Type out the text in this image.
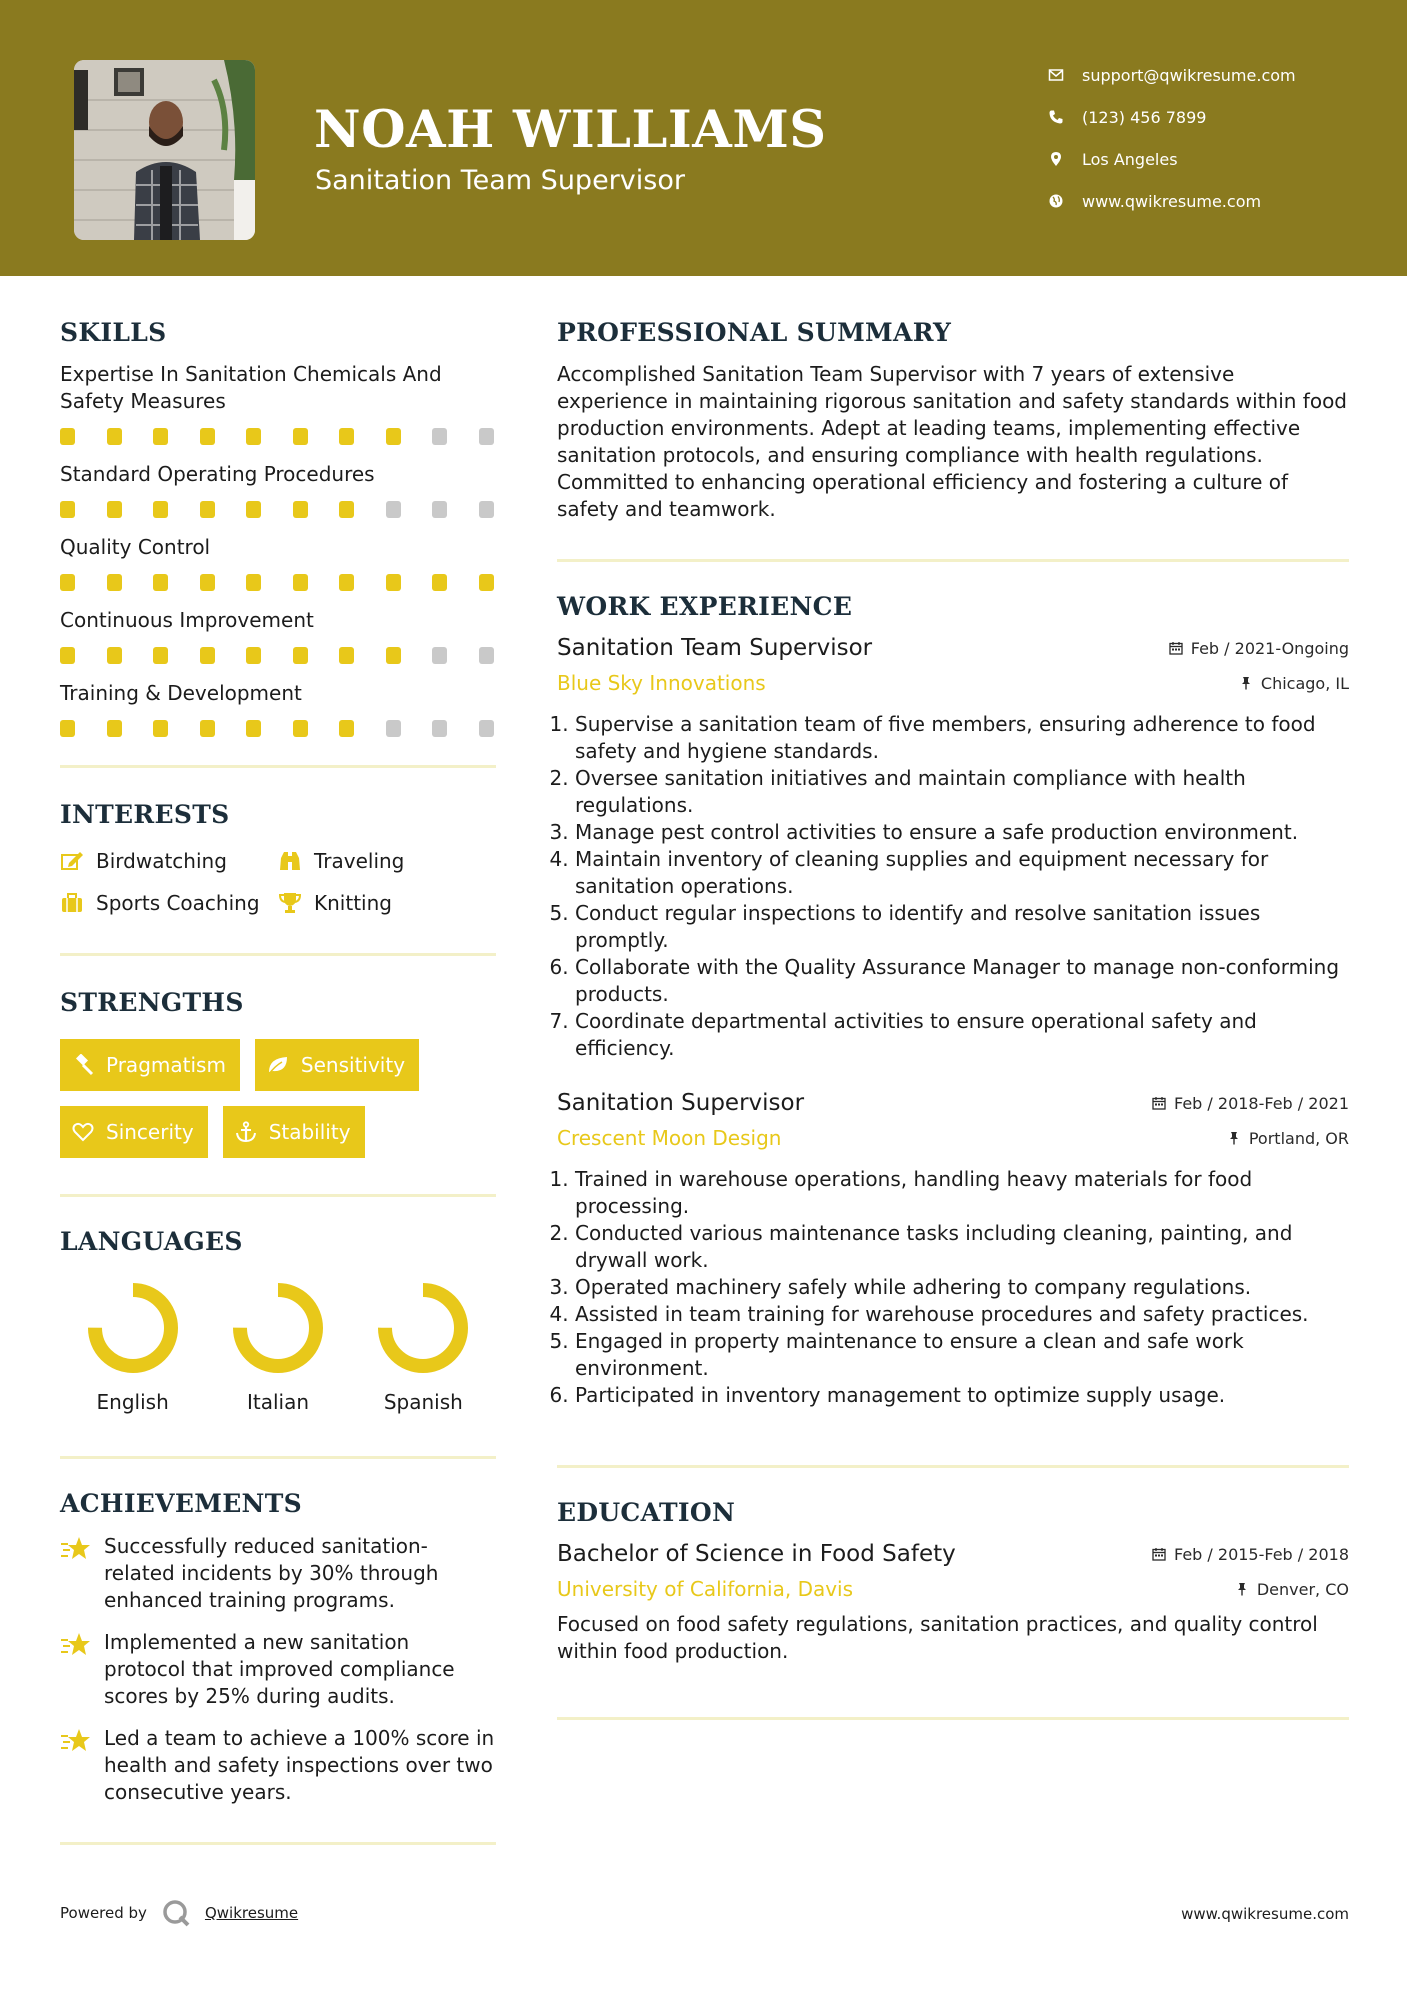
NOAH WILLIAMS
Sanitation Team Supervisor
support@qwikresume.com
(123) 456 7899
Los Angeles
www.qwikresume.com
SKILLS
Expertise In Sanitation Chemicals And Safety Measures
Standard Operating Procedures
Quality Control
Continuous Improvement
Training & Development
INTERESTS
Birdwatching	Traveling
Sports Coaching	Knitting
STRENGTHS
Pragmatism	Sensitivity
Sincerity	Stability
LANGUAGES
English	Italian	Spanish
ACHIEVEMENTS

Successfully reduced sanitation-related incidents by 30% through enhanced training programs.

Implemented a new sanitation protocol that improved compliance scores by 25% during audits.

Led a team to achieve a 100% score in health and safety inspections over two consecutive years.

PROFESSIONAL SUMMARY

Accomplished Sanitation Team Supervisor with 7 years of extensive experience in maintaining rigorous sanitation and safety standards within food production environments. Adept at leading teams, implementing effective sanitation protocols, and ensuring compliance with health regulations. Committed to enhancing operational efficiency and fostering a culture of safety and teamwork.

WORK EXPERIENCE
Sanitation Team Supervisor	Feb / 2021-Ongoing
Blue Sky Innovations	Chicago, IL
1. Supervise a sanitation team of five members, ensuring adherence to food safety and hygiene standards.
2. Oversee sanitation initiatives and maintain compliance with health regulations.
3. Manage pest control activities to ensure a safe production environment.
4. Maintain inventory of cleaning supplies and equipment necessary for sanitation operations.
5. Conduct regular inspections to identify and resolve sanitation issues promptly.
6. Collaborate with the Quality Assurance Manager to manage non-conforming products.
7. Coordinate departmental activities to ensure operational safety and efficiency.
Sanitation Supervisor	Feb / 2018-Feb / 2021
Crescent Moon Design	Portland, OR
1. Trained in warehouse operations, handling heavy materials for food processing.
2. Conducted various maintenance tasks including cleaning, painting, and drywall work.
3. Operated machinery safely while adhering to company regulations.
4. Assisted in team training for warehouse procedures and safety practices.
5. Engaged in property maintenance to ensure a clean and safe work environment.
6. Participated in inventory management to optimize supply usage.
EDUCATION
Bachelor of Science in Food Safety	Feb / 2015-Feb / 2018
University of California, Davis	Denver, CO

Focused on food safety regulations, sanitation practices, and quality control within food production.

Powered by	Qwikresume	www.qwikresume.com
